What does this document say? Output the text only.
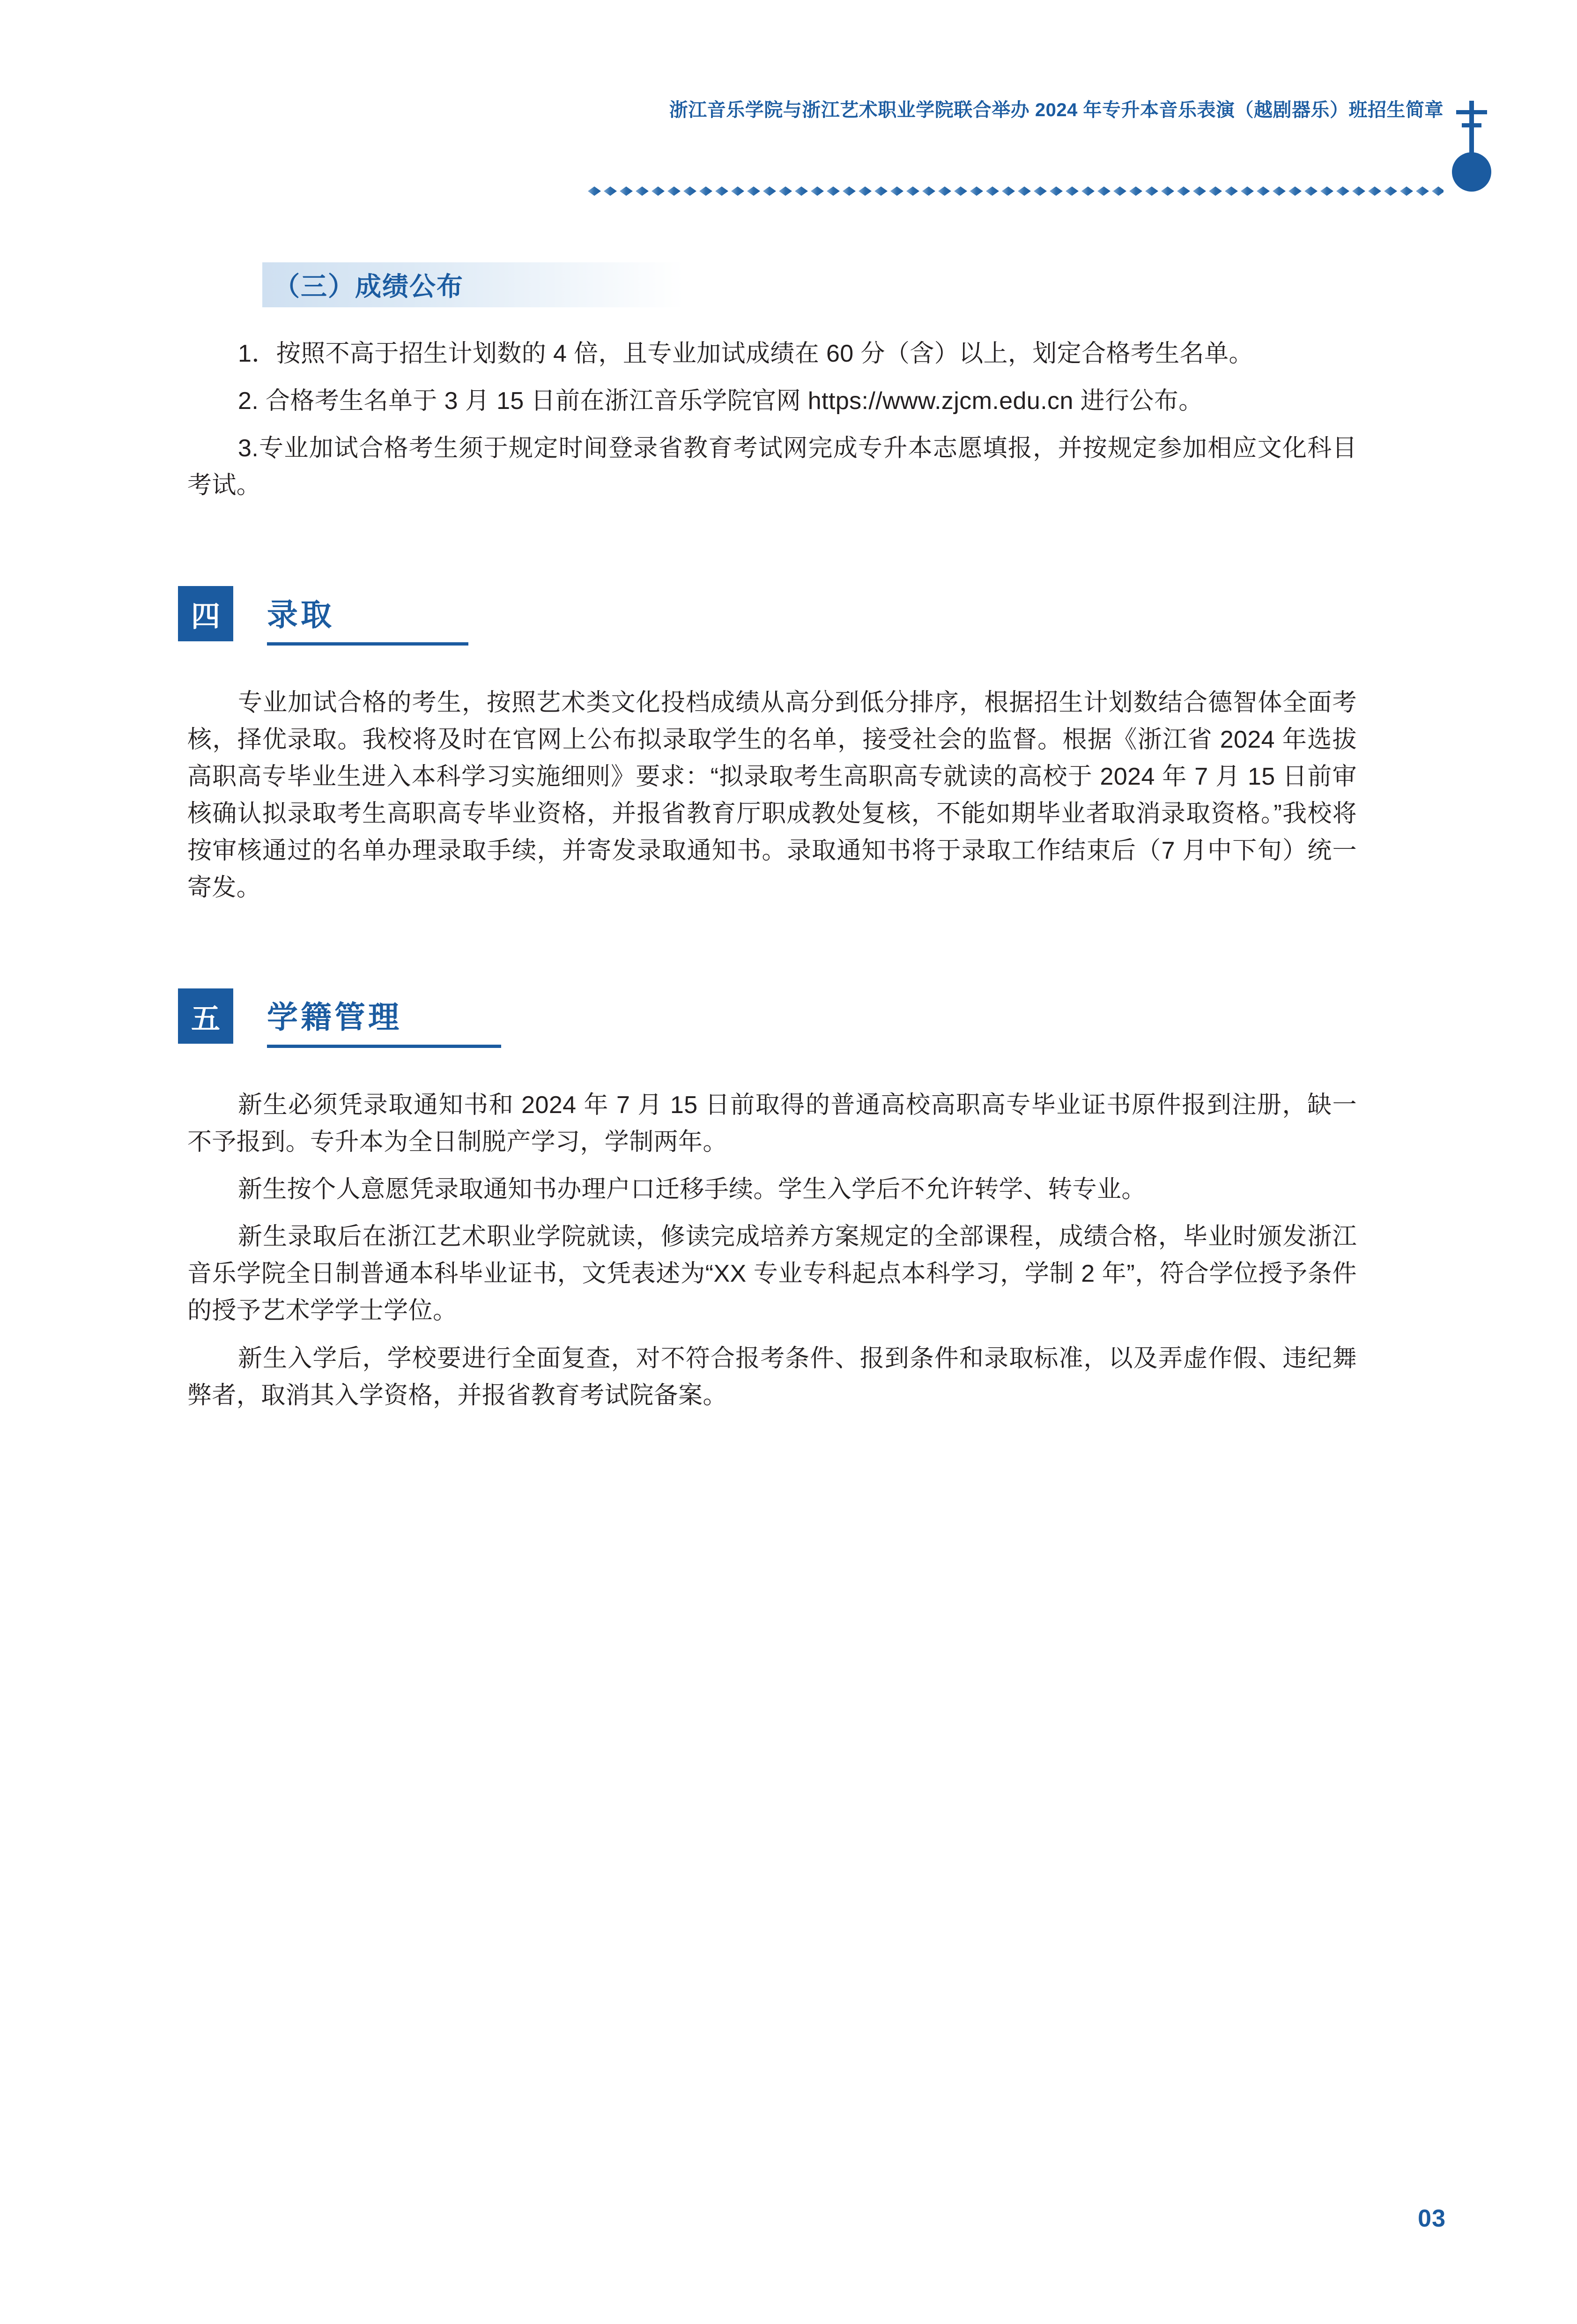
浙江音乐学院与浙江艺术职业学院联合举办 2024 年专升本音乐表演（越剧器乐）班招生简章
（三）成绩公布

1．按照不高于招生计划数的 4 倍，且专业加试成绩在 60 分（含）以上，划定合格考生名单。

2. 合格考生名单于 3 月 15 日前在浙江音乐学院官网 https://www.zjcm.edu.cn 进行公布。

3.专业加试合格考生须于规定时间登录省教育考试网完成专升本志愿填报，并按规定参加相应文化科目考试。

四	录取

专业加试合格的考生，按照艺术类文化投档成绩从高分到低分排序，根据招生计划数结合德智体全面考核，择优录取。我校将及时在官网上公布拟录取学生的名单，接受社会的监督。根据《浙江省 2024 年选拔高职高专毕业生进入本科学习实施细则》要求：“拟录取考生高职高专就读的高校于 2024 年 7 月 15 日前审核确认拟录取考生高职高专毕业资格，并报省教育厅职成教处复核，不能如期毕业者取消录取资格。”我校将按审核通过的名单办理录取手续，并寄发录取通知书。录取通知书将于录取工作结束后（7 月中下旬）统一寄发。

五	学籍管理

新生必须凭录取通知书和 2024 年 7 月 15 日前取得的普通高校高职高专毕业证书原件报到注册，缺一不予报到。专升本为全日制脱产学习，学制两年。

新生按个人意愿凭录取通知书办理户口迁移手续。学生入学后不允许转学、转专业。

新生录取后在浙江艺术职业学院就读，修读完成培养方案规定的全部课程，成绩合格，毕业时颁发浙江音乐学院全日制普通本科毕业证书，文凭表述为“XX 专业专科起点本科学习，学制 2 年”，符合学位授予条件的授予艺术学学士学位。

新生入学后，学校要进行全面复查，对不符合报考条件、报到条件和录取标准，以及弄虚作假、违纪舞弊者，取消其入学资格，并报省教育考试院备案。

03
